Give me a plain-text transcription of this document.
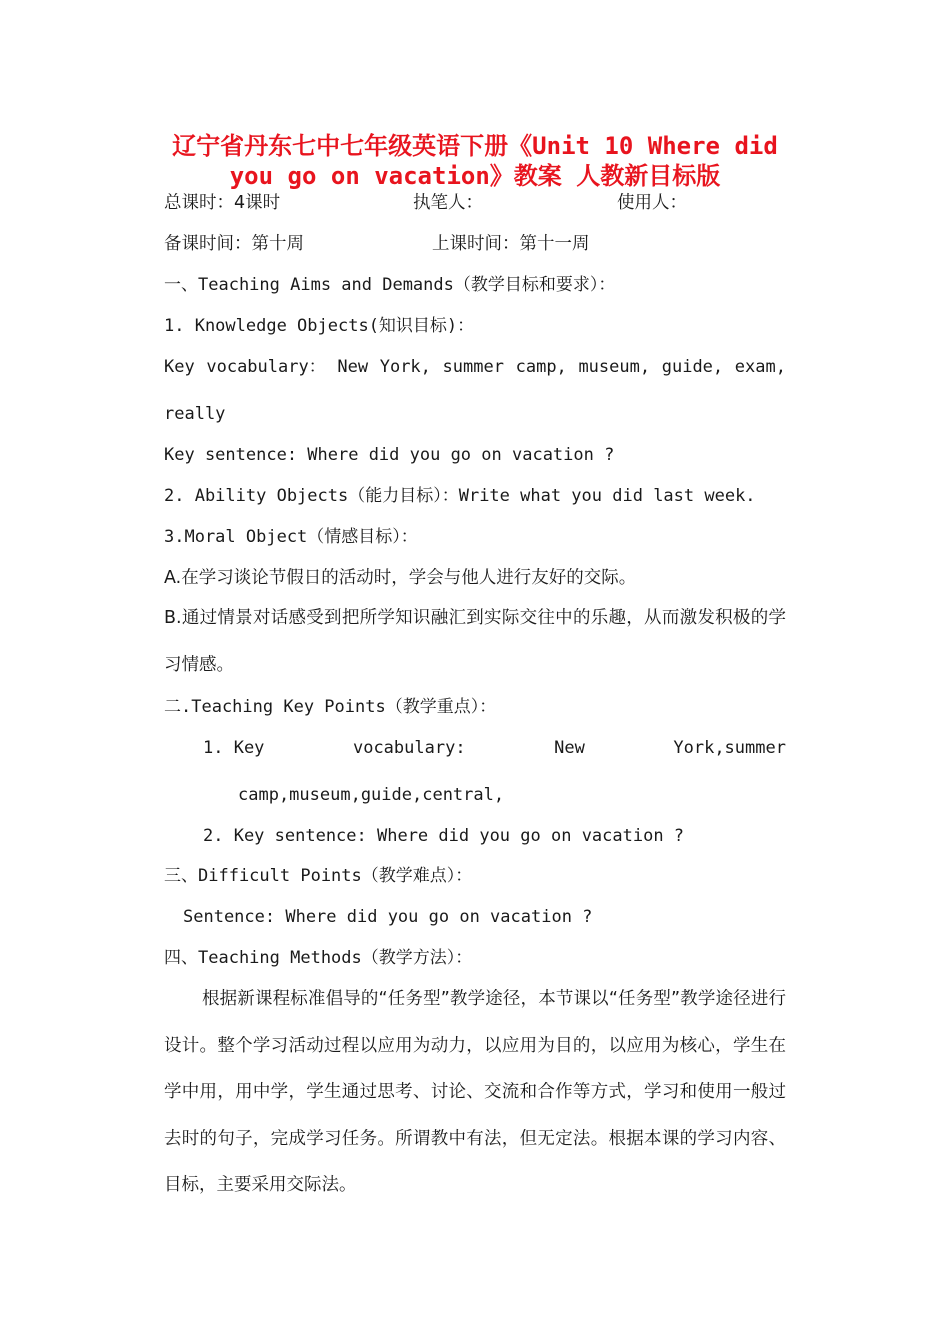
辽宁省丹东七中七年级英语下册《Unit 10 Where did
you go on vacation》教案 人教新目标版
总课时：4课时	执笔人：	使用人：
备课时间：第十周	上课时间：第十一周
一、Teaching Aims and Demands（教学目标和要求）：
1. Knowledge Objects(知识目标)：
Key vocabulary： New York, summer camp, museum, guide, exam,
really
Key sentence: Where did you go on vacation ?
2. Ability Objects（能力目标）：Write what you did last week.
3.Moral Object（情感目标）：
A.在学习谈论节假日的活动时，学会与他人进行友好的交际。
B.通过情景对话感受到把所学知识融汇到实际交往中的乐趣，从而激发积极的学习情感。
二.Teaching Key Points（教学重点）：
1. Key	vocabulary:	New	York,summer
camp,museum,guide,central,
2. Key sentence: Where did you go on vacation ?
三、Difficult Points（教学难点）：
Sentence: Where did you go on vacation ?
四、Teaching Methods（教学方法）：
根据新课程标准倡导的“任务型”教学途径，本节课以“任务型”教学途径进行设计。整个学习活动过程以应用为动力，以应用为目的，以应用为核心，学生在学中用，用中学，学生通过思考、讨论、交流和合作等方式，学习和使用一般过去时的句子，完成学习任务。所谓教中有法，但无定法。根据本课的学习内容、目标，主要采用交际法。
